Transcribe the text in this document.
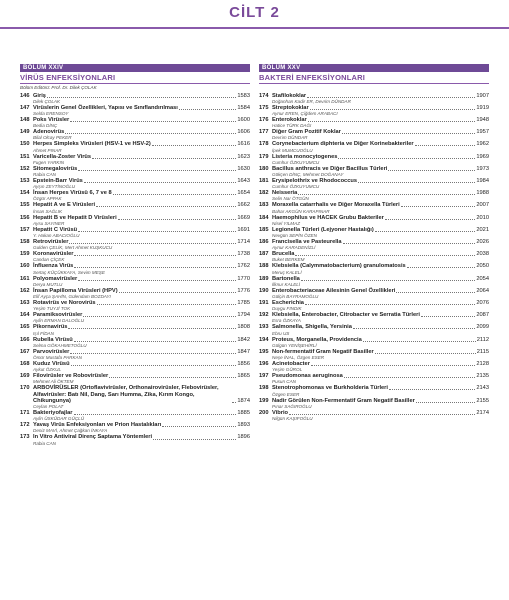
CİLT 2
BÖLÜM XXIV
VİRÜS ENFEKSİYONLARI
Bölüm Editörü: Prof. Dr. Dilek ÇOLAK
146 Giriş	1583
Dilek ÇOLAK
147 Virüslerin Genel Özellikleri, Yapısı ve Sınıflandırılması	1584
Selda ERENSOY
148 Poks Virüsler	1600
Bedia DİNÇ
149 Adenovirüs	1606
Bilal Olcay PEKER
150 Herpes Simpleks Virüsleri (HSV-1 ve HSV-2)	1616
Ahmet PINAR
151 Varicella-Zoster Virüs	1623
Fugen YARKIN
152 Sitomegalovirüs	1630
Rabia CAN
153 Epstein-Barr Virüs	1643
Ayşın ZEYTİNOĞLU
154 İnsan Herpes Virüsü 6, 7 ve 8	1654
Özgür APPAK
155 Hepatit A ve E Virüsleri	1662
İnsan SAĞLIK
156 Hepatit B ve Hepatit D Virüsleri	1669
Aysu SAYINER
157 Hepatit C Virüsü	1691
Y. Hakan ABACIOĞLU
158 Retrovirüsler	1714
Gulden ÇELİK, Mert Ahmet KUŞKUCU
159 Koronavirüsler	1738
Candan ÇİÇEK
160 İnfluenza Virüs	1762
Sertaç KÜÇÜKKAYA, Sevim MEŞE
161 Polyomavirüsler	1770
Derya MUTLU
162 İnsan Papilloma Virüsleri (HPV)	1776
Elif Ayça ŞAHİN, Gülendam BOZDAYI
163 Rotavirüs ve Norovirüs	1785
Yeşim TUYJİ TOK
164 Paramiksovirüsler	1794
Aylin ERMAN DALOĞLU
165 Pikornavirüs	1808
Işıl FİDAN
166 Rubella Virüsü	1842
Selma GÖKAHMETOĞLU
167 Parvovirüsler	1847
Ömür Mustafa PARKAN
168 Kuduz Virüsü	1856
Aykut ÖZKUL
169 Filovirüsler ve Robovirüsler	1865
Mehmet Ali ÖKTEM
170 ARBOVİRÜSLER (Ortoflavivirüsler, Orthonairovirüsler, Flebovirüsler, Alfavirüsler: Batı Nil, Dang, Sarı Humma, Zika, Kırım Kongo, Chikungunya)	1874
Ceylan POLAT
171 Bakteriyofajlar	1885
Aylin ÜSKÜDAR GÜÇLÜ
172 Yavaş Virüs Enfeksiyonları ve Prion Hastalıkları	1893
Deniz MAVİ, Ahmet Çağkan İNKAYA
173 In Vitro Antiviral Direnç Saptama Yöntemleri	1896
Rabia CAN
BÖLÜM XXV
BAKTERİ ENFEKSİYONLARI
174 Stafilokoklar	1907
Doğanhan Kadir ER, Devrim DÜNDAR
175 Streptokoklar	1919
Aynur EREN, Çiğdem ARABACI
176 Enterokoklar	1948
Hatice TÜRK DAĞI
177 Diğer Gram Pozitif Koklar	1957
Devrim DÜNDAR
178 Corynebacterium diphteria ve Diğer Korinebakteriler	1962
İpek MUMCUOĞLU
179 Listeria monocytogenes	1969
Cumhur ÖZKUYUMCU
180 Bacillus anthracis ve Diğer Bacillus Türleri	1973
Gökçen DİNÇ, Mehmet DOĞANAY
181 Erysipelothrix ve Rhodococcus	1984
Cumhur ÖZKUYUMCU
182 Neisseria	1988
Selin Nar ÖTGÜN
183 Moraxella catarrhalis ve Diğer Moraxella Türleri	2007
Bahar AKGÜN KARAPINAR
184 Haemophilus ve HACEK Grubu Bakteriler	2010
Nisel YILMAZ
185 Legionella Türleri (Lejyoner Hastalığı)	2021
Nevgün SEPİN ÖZEN
186 Francisella ve Pasteurella	2026
Aynur KARADENİZLİ
187 Brucella	2038
Buket BERKEM
188 Klebsiella (Calymmatobacterium) granulomatosis	2050
Meruç KALELİ
189 Bartonella	2054
İlknur KALELİ
190 Enterobacteriaceae Ailesinin Genel Özellikleri	2064
Gülçin BAYRAMOĞLU
191 Escherichia	2076
Duygu FINDIK
192 Klebsiella, Enterobacter, Citrobacter ve Serratia Türleri	2087
Esra ÖZKAYA
193 Salmonella, Shigella, Yersinia	2099
Ebru US
194 Proteus, Morganella, Providencia	2112
Gülgün YENİŞEHİRLİ
195 Non-fermentatif Gram Negatif Basiller	2115
Neşe İNAL, Özgen ESER
196 Acinetobacter	2128
Yeşim GÜROL
197 Pseudomonas aeruginosa	2135
Pusun CAN
198 Stenotrophomonas ve Burkholderia Türleri	2143
Özgen ESER
199 Nadir Görülen Non-Fermentatif Gram Negatif Basiller	2155
Pınar SAĞIROĞLU
200 Vibrio	2174
Nilgün KAŞIFOĞLU
